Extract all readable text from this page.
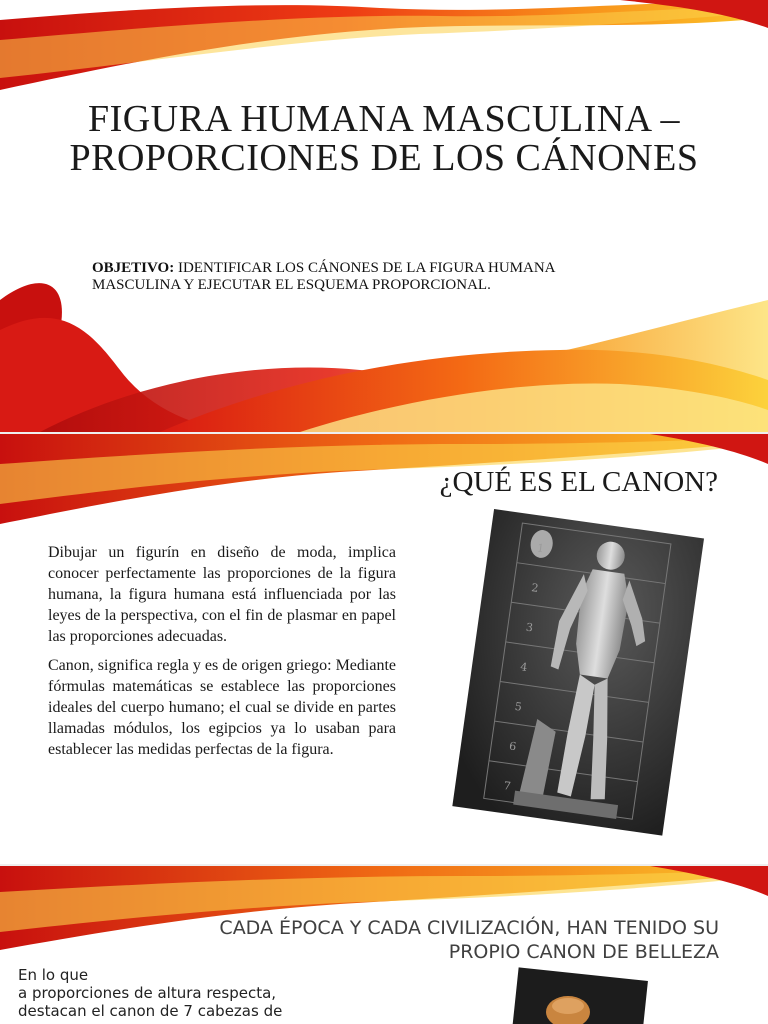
FIGURA HUMANA MASCULINA – PROPORCIONES DE LOS CÁNONES
OBJETIVO: IDENTIFICAR LOS CÁNONES DE LA FIGURA HUMANA MASCULINA Y EJECUTAR EL ESQUEMA PROPORCIONAL.
¿QUÉ ES EL CANON?

Dibujar un figurín en diseño de moda, implica conocer perfectamente las proporciones de la figura humana, la figura humana está influenciada por las leyes de la perspectiva, con el fin de plasmar en papel las proporciones adecuadas.

Canon, significa regla y es de origen griego: Mediante fórmulas matemáticas se establece las proporciones ideales del cuerpo humano; el cual se divide en partes llamadas módulos, los egipcios ya lo usaban para establecer las medidas perfectas de la figura.

1
2
3
4
5
6
7
CADA ÉPOCA Y CADA CIVILIZACIÓN, HAN TENIDO SU PROPIO CANON DE BELLEZA
En lo que
a proporciones de altura respecta,
destacan el canon de 7 cabezas de
